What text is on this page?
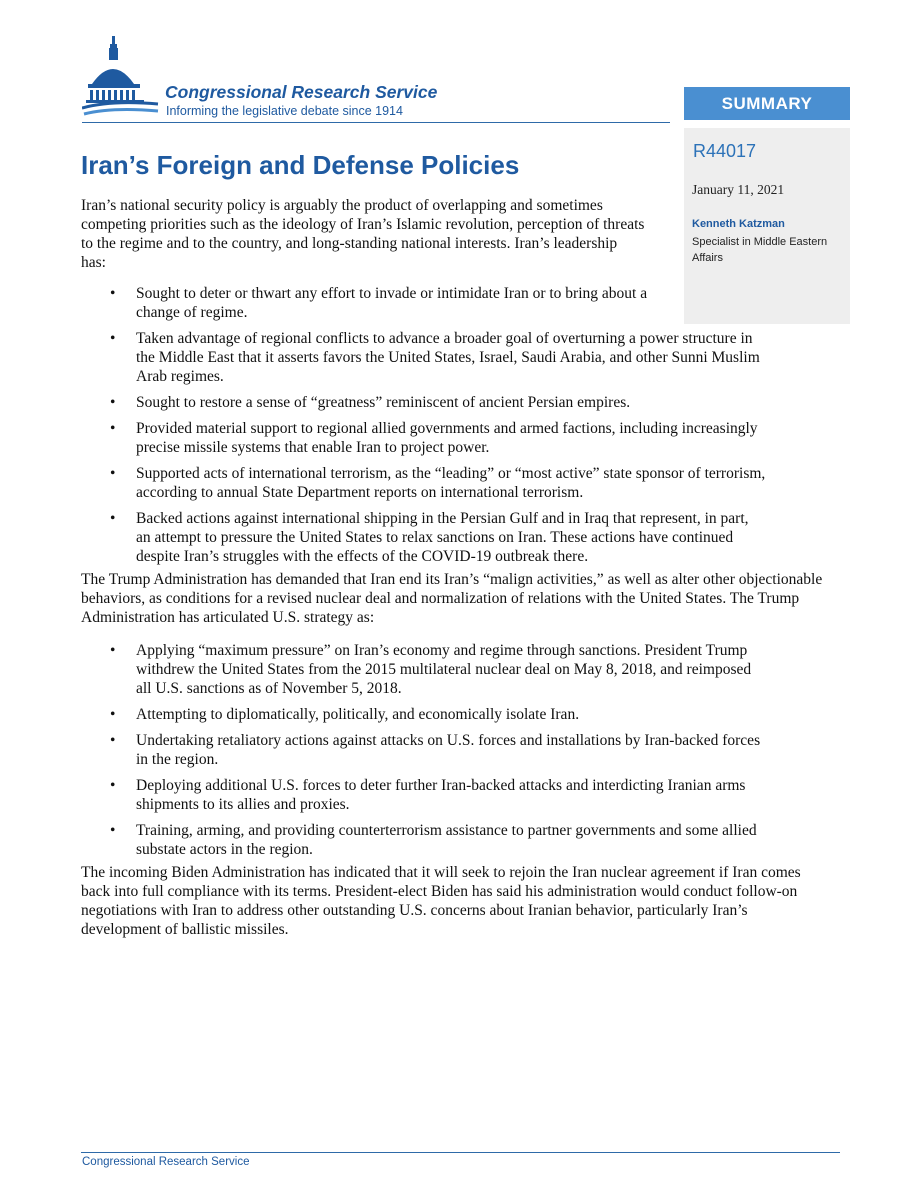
Congressional Research Service
Informing the legislative debate since 1914	SUMMARY
R44017
January 11, 2021
Kenneth Katzman
Specialist in Middle Eastern Affairs
Iran’s Foreign and Defense Policies

Iran’s national security policy is arguably the product of overlapping and sometimes competing priorities such as the ideology of Iran’s Islamic revolution, perception of threats to the regime and to the country, and long-standing national interests. Iran’s leadership has:

• Sought to deter or thwart any effort to invade or intimidate Iran or to bring about a change of regime.
• Taken advantage of regional conflicts to advance a broader goal of overturning a power structure in the Middle East that it asserts favors the United States, Israel, Saudi Arabia, and other Sunni Muslim Arab regimes.
• Sought to restore a sense of “greatness” reminiscent of ancient Persian empires.
• Provided material support to regional allied governments and armed factions, including increasingly precise missile systems that enable Iran to project power.
• Supported acts of international terrorism, as the “leading” or “most active” state sponsor of terrorism, according to annual State Department reports on international terrorism.
• Backed actions against international shipping in the Persian Gulf and in Iraq that represent, in part, an attempt to pressure the United States to relax sanctions on Iran. These actions have continued despite Iran’s struggles with the effects of the COVID-19 outbreak there.

The Trump Administration has demanded that Iran end its Iran’s “malign activities,” as well as alter other objectionable behaviors, as conditions for a revised nuclear deal and normalization of relations with the United States. The Trump Administration has articulated U.S. strategy as:

• Applying “maximum pressure” on Iran’s economy and regime through sanctions. President Trump withdrew the United States from the 2015 multilateral nuclear deal on May 8, 2018, and reimposed all U.S. sanctions as of November 5, 2018.
• Attempting to diplomatically, politically, and economically isolate Iran.
• Undertaking retaliatory actions against attacks on U.S. forces and installations by Iran-backed forces in the region.
• Deploying additional U.S. forces to deter further Iran-backed attacks and interdicting Iranian arms shipments to its allies and proxies.
• Training, arming, and providing counterterrorism assistance to partner governments and some allied substate actors in the region.

The incoming Biden Administration has indicated that it will seek to rejoin the Iran nuclear agreement if Iran comes back into full compliance with its terms. President-elect Biden has said his administration would conduct follow-on negotiations with Iran to address other outstanding U.S. concerns about Iranian behavior, particularly Iran’s development of ballistic missiles.

Congressional Research Service
